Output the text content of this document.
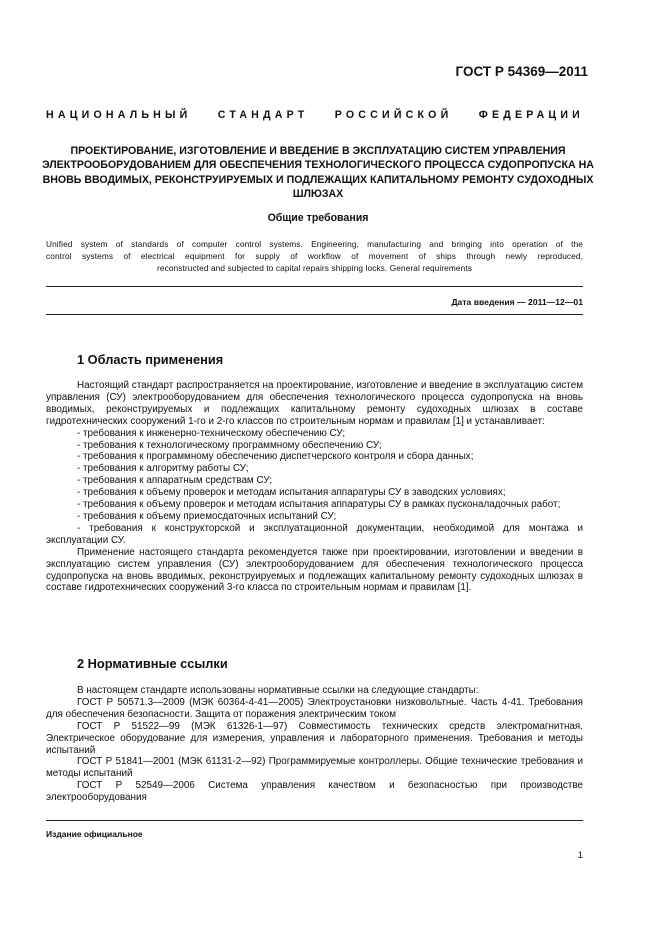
ГОСТ Р 54369—2011
НАЦИОНАЛЬНЫЙ СТАНДАРТ РОССИЙСКОЙ ФЕДЕРАЦИИ
ПРОЕКТИРОВАНИЕ, ИЗГОТОВЛЕНИЕ И ВВЕДЕНИЕ В ЭКСПЛУАТАЦИЮ СИСТЕМ УПРАВЛЕНИЯ ЭЛЕКТРООБОРУДОВАНИЕМ ДЛЯ ОБЕСПЕЧЕНИЯ ТЕХНОЛОГИЧЕСКОГО ПРОЦЕССА СУДОПРОПУСКА НА ВНОВЬ ВВОДИМЫХ, РЕКОНСТРУИРУЕМЫХ И ПОДЛЕЖАЩИХ КАПИТАЛЬНОМУ РЕМОНТУ СУДОХОДНЫХ ШЛЮЗАХ
Общие требования
Unified system of standards of computer control systems. Engineering, manufacturing and bringing into operation of the
control systems of electrical equipment for supply of workflow of movement of ships through newly reproduced,
reconstructed and subjected to capital repairs shipping locks. General requirements
Дата введения — 2011—12—01
1 Область применения

Настоящий стандарт распространяется на проектирование, изготовление и введение в эксплуатацию систем управления (СУ) электрооборудованием для обеспечения технологического процесса судопропуска на вновь вводимых, реконструируемых и подлежащих капитальному ремонту судоходных шлюзах в составе гидротехнических сооружений 1-го и 2-го классов по строительным нормам и правилам [1] и устанавливает:

- требования к инженерно-техническому обеспечению СУ;

- требования к технологическому программному обеспечению СУ;

- требования к программному обеспечению диспетчерского контроля и сбора данных;

- требования к алгоритму работы СУ;

- требования к аппаратным средствам СУ;

- требования к объему проверок и методам испытания аппаратуры СУ в заводских условиях;

- требования к объему проверок и методам испытания аппаратуры СУ в рамках пусконаладочных работ;

- требования к объему приемосдаточных испытаний СУ;

- требования к конструкторской и эксплуатационной документации, необходимой для монтажа и эксплуатации СУ.

Применение настоящего стандарта рекомендуется также при проектировании, изготовлении и введении в эксплуатацию систем управления (СУ) электрооборудованием для обеспечения технологического процесса судопропуска на вновь вводимых, реконструируемых и подлежащих капитальному ремонту судоходных шлюзах в составе гидротехнических сооружений 3-го класса по строительным нормам и правилам [1].

2 Нормативные ссылки

В настоящем стандарте использованы нормативные ссылки на следующие стандарты:

ГОСТ Р 50571.3—2009 (МЭК 60364-4-41—2005) Электроустановки низковольтные. Часть 4-41. Требования для обеспечения безопасности. Защита от поражения электрическим током

ГОСТ Р 51522—99 (МЭК 61326-1—97) Совместимость технических средств электромагнитная. Электрическое оборудование для измерения, управления и лабораторного применения. Требования и методы испытаний

ГОСТ Р 51841—2001 (МЭК 61131-2—92) Программируемые контроллеры. Общие технические требования и методы испытаний

ГОСТ Р 52549—2006 Система управления качеством и безопасностью при производстве электрооборудования

Издание официальное
1
